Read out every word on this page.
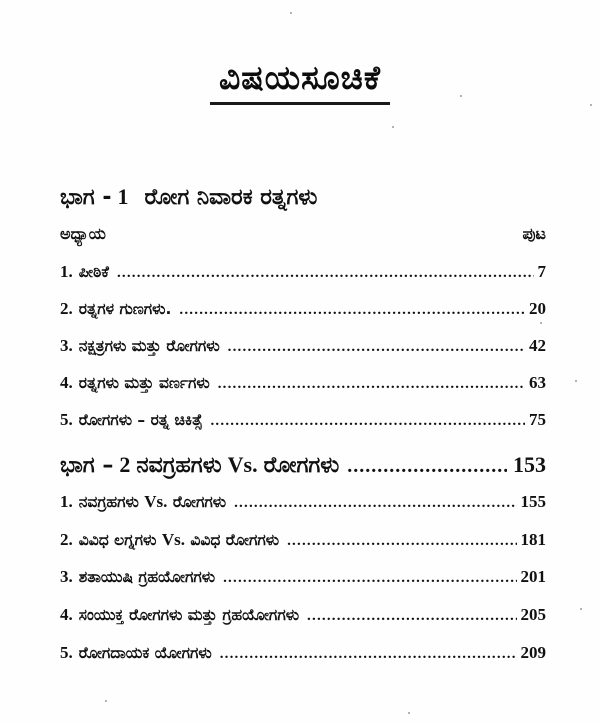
ವಿಷಯಸೂಚಿಕೆ
ಭಾಗ - 1 ರೋಗ ನಿವಾರಕ ರತ್ನಗಳು
ಅಧ್ಯಾಯ	ಪುಟ
1. ಪೀಠಿಕೆ .....	7
2. ರತ್ನಗಳ ಗುಣಗಳು. .....	20
3. ನಕ್ಷತ್ರಗಳು ಮತ್ತು ರೋಗಗಳು .....	42
4. ರತ್ನಗಳು ಮತ್ತು ವರ್ಣಗಳು .....	63
5. ರೋಗಗಳು – ರತ್ನ ಚಿಕಿತ್ಸೆ .....	75
ಭಾಗ – 2 ನವಗ್ರಹಗಳು Vs. ರೋಗಗಳು .....	153
1. ನವಗ್ರಹಗಳು Vs. ರೋಗಗಳು .....	155
2. ವಿವಿಧ ಲಗ್ನಗಳು Vs. ವಿವಿಧ ರೋಗಗಳು .....	181
3. ಶತಾಯುಷಿ ಗ್ರಹಯೋಗಗಳು .....	201
4. ಸಂಯುಕ್ತ ರೋಗಗಳು ಮತ್ತು ಗ್ರಹಯೋಗಗಳು .....	205
5. ರೋಗದಾಯಕ ಯೋಗಗಳು .....	209
